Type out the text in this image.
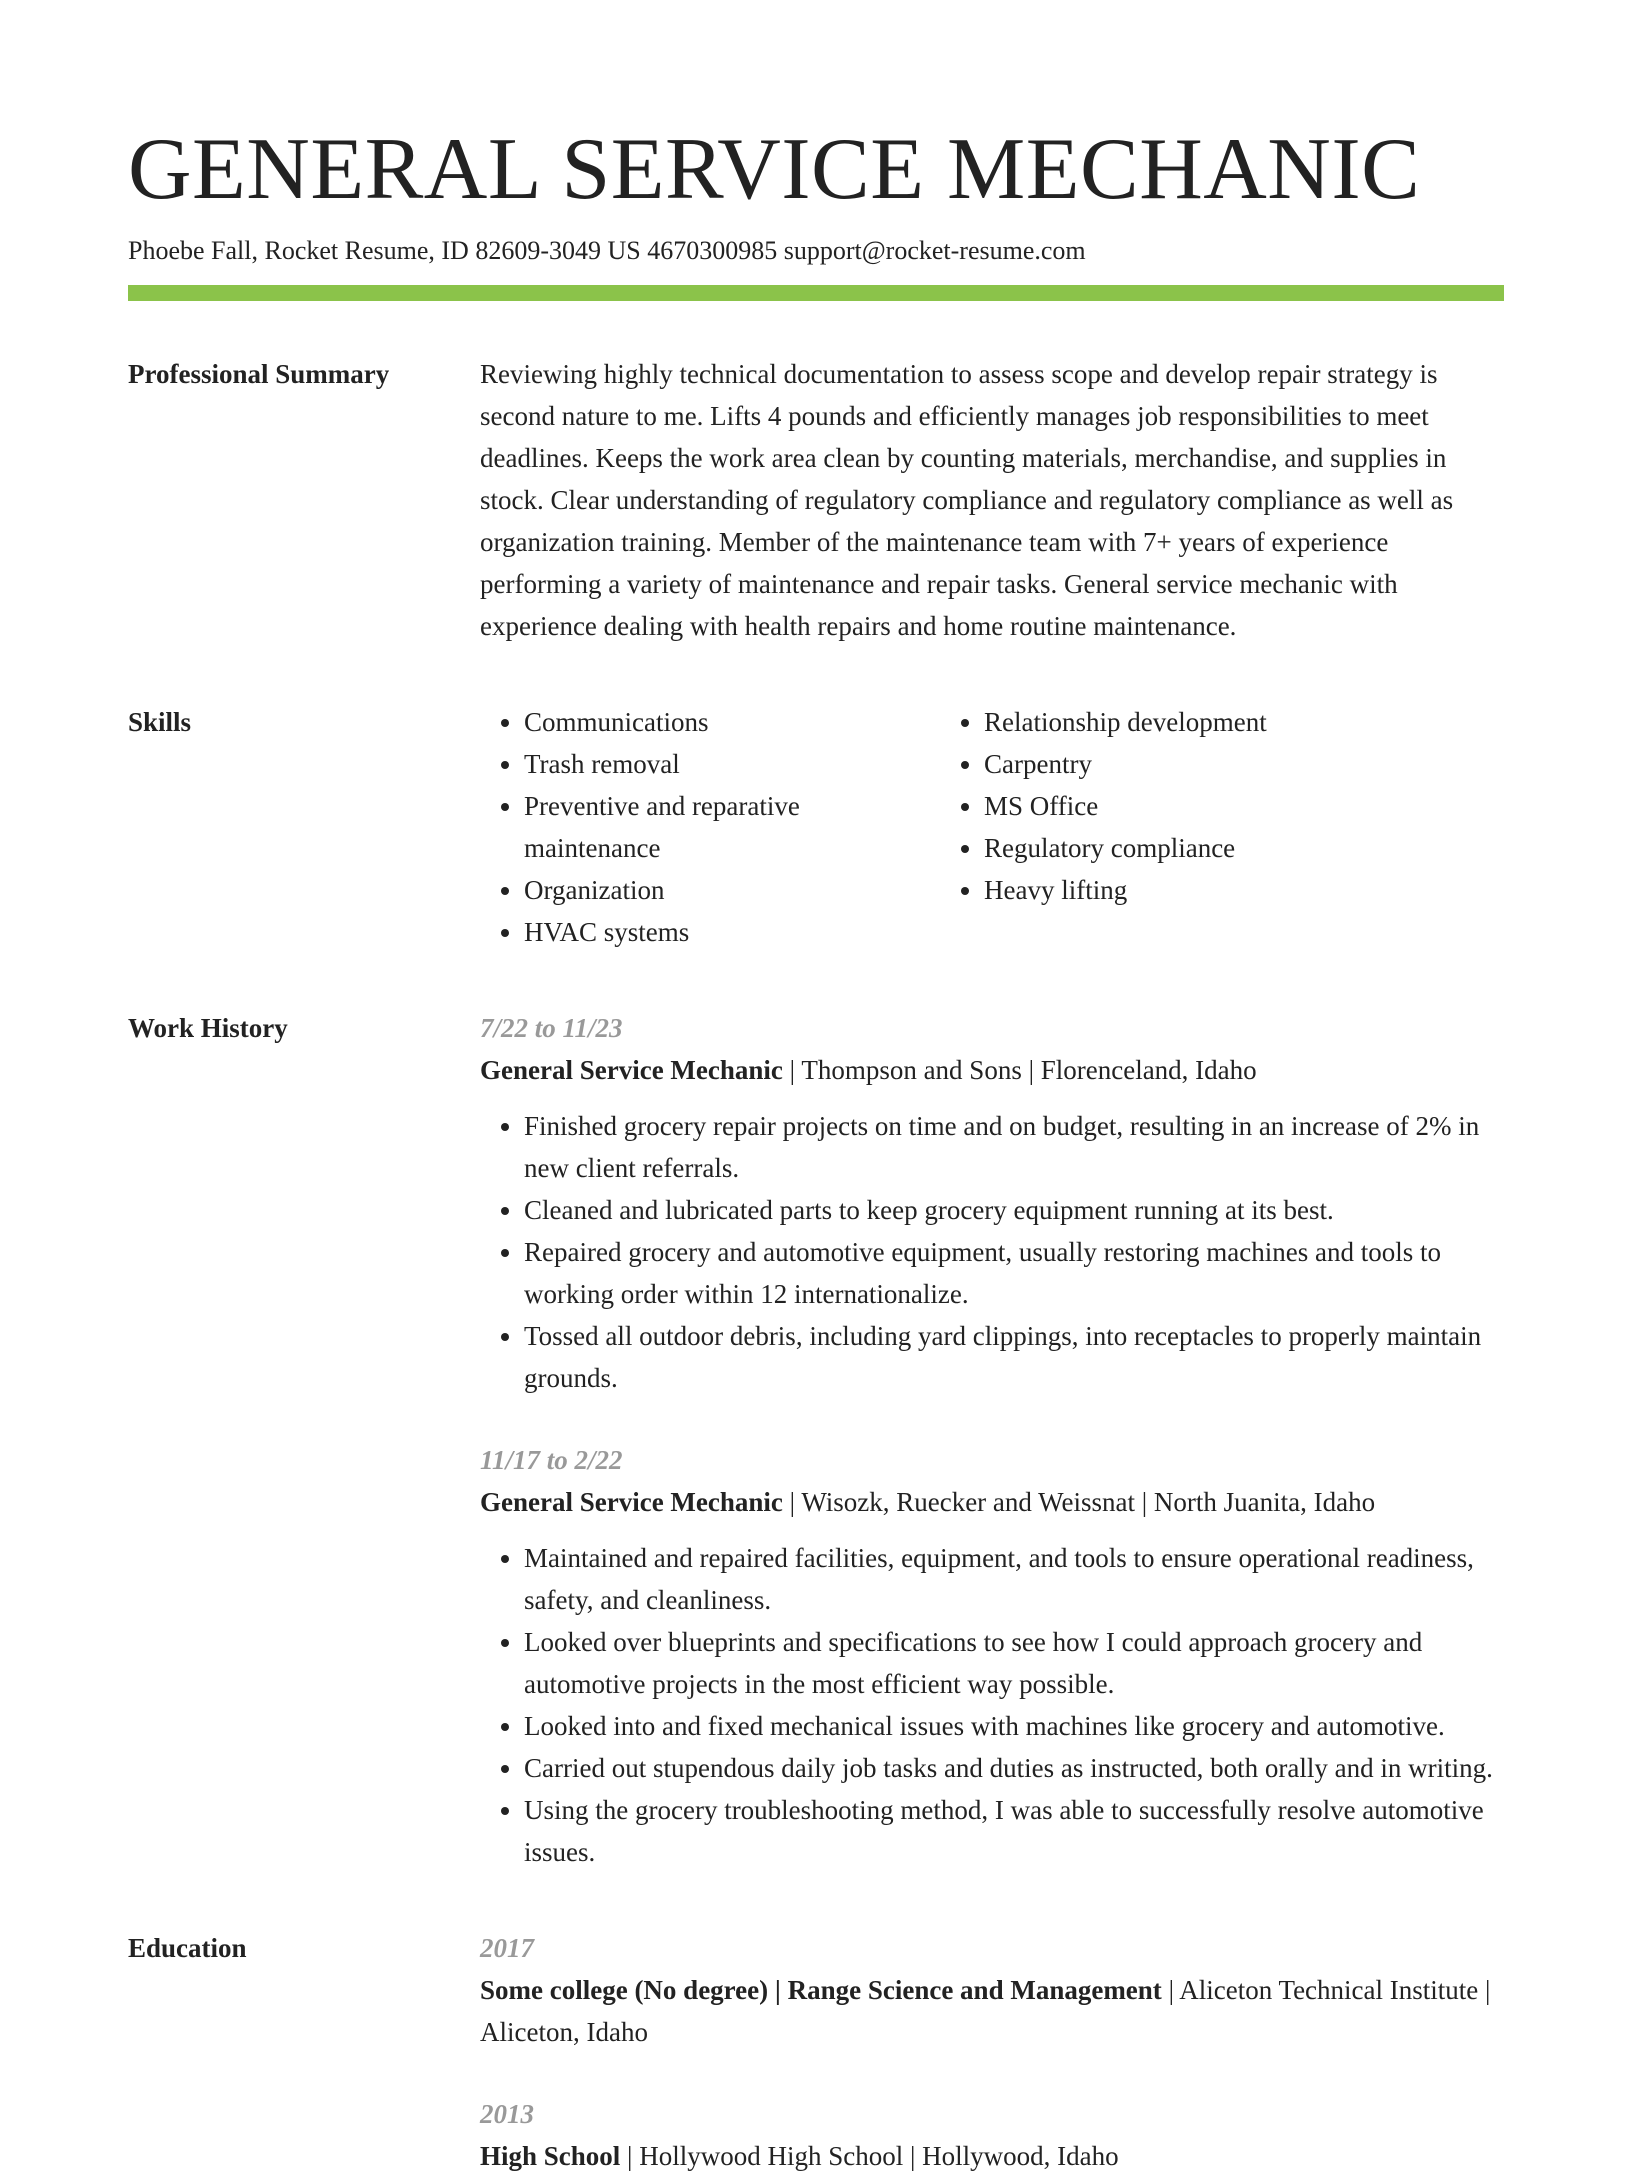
GENERAL SERVICE MECHANIC
Phoebe Fall, Rocket Resume, ID 82609-3049 US 4670300985 support@rocket-resume.com
Professional Summary	Reviewing highly technical documentation to assess scope and develop repair strategy is second nature to me. Lifts 4 pounds and efficiently manages job responsibilities to meet deadlines. Keeps the work area clean by counting materials, merchandise, and supplies in stock. Clear understanding of regulatory compliance and regulatory compliance as well as organization training. Member of the maintenance team with 7+ years of experience performing a variety of maintenance and repair tasks. General service mechanic with experience dealing with health repairs and home routine maintenance.

Skills
•	Communications
• Trash removal
• Preventive and reparative maintenance
• Organization
• HVAC systems
• Relationship development
• Carpentry
• MS Office
• Regulatory compliance
• Heavy lifting
Work History	7/22 to 11/23
General Service Mechanic | Thompson and Sons | Florenceland, Idaho
• Finished grocery repair projects on time and on budget, resulting in an increase of 2% in new client referrals.
• Cleaned and lubricated parts to keep grocery equipment running at its best.
• Repaired grocery and automotive equipment, usually restoring machines and tools to working order within 12 internationalize.
• Tossed all outdoor debris, including yard clippings, into receptacles to properly maintain grounds.
11/17 to 2/22
General Service Mechanic | Wisozk, Ruecker and Weissnat | North Juanita, Idaho
• Maintained and repaired facilities, equipment, and tools to ensure operational readiness, safety, and cleanliness.
• Looked over blueprints and specifications to see how I could approach grocery and automotive projects in the most efficient way possible.
• Looked into and fixed mechanical issues with machines like grocery and automotive.
• Carried out stupendous daily job tasks and duties as instructed, both orally and in writing.
• Using the grocery troubleshooting method, I was able to successfully resolve automotive issues.
Education	2017
Some college (No degree) | Range Science and Management | Aliceton Technical Institute | Aliceton, Idaho
2013
High School | Hollywood High School | Hollywood, Idaho
